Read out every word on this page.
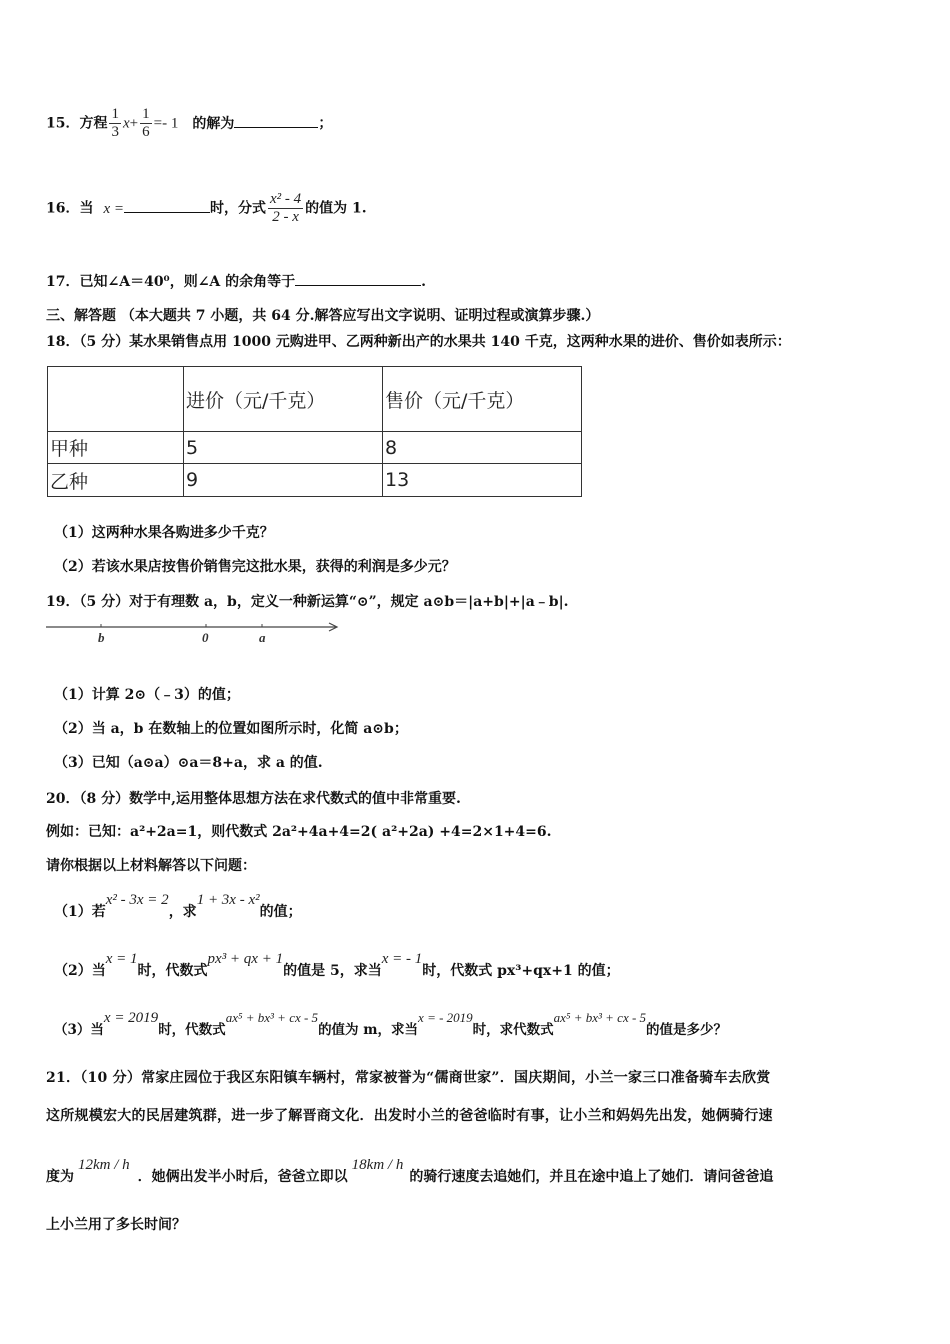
15．方程 $\frac{1}{3} x+ \frac{1}{6} =- 1$ 的解为	；
16．当 x =	时，分式 $\frac{\text{x² - 4}}{2 - x}$ 的值为 1.
17．已知∠A＝40⁰，则∠A 的余角等于	.
三、解答题 （本大题共 7 小题，共 64 分.解答应写出文字说明、证明过程或演算步骤.）
18．（5 分）某水果销售点用 1000 元购进甲、乙两种新出产的水果共 140 千克，这两种水果的进价、售价如表所示：
	进价（元/千克）	售价（元/千克）
甲种	5	8
乙种	9	13
（1）这两种水果各购进多少千克？
（2）若该水果店按售价销售完这批水果，获得的利润是多少元？
19．（5 分）对于有理数 a，b，定义一种新运算“⊙”，规定 a⊙b＝|a+b|+|a﹣b|.
b	0	a
（1）计算 2⊙（﹣3）的值；
（2）当 a，b 在数轴上的位置如图所示时，化简 a⊙b；
（3）已知（a⊙a）⊙a＝8+a，求 a 的值.
20．（8 分）数学中,运用整体思想方法在求代数式的值中非常重要.
例如：已知：a²+2a=1，则代数式 2a²+4a+4=2( a²+2a) +4=2×1+4=6.
请你根据以上材料解答以下问题：
（1）若x² - 3x = 2，求1 + 3x - x²的值；
（2）当x = 1时，代数式px³ + qx + 1的值是 5，求当x = - 1时，代数式 px³+qx+1 的值；
（3）当x = 2019时，代数式ax⁵ + bx³ + cx - 5的值为 m，求当x = - 2019时，求代数式ax⁵ + bx³ + cx - 5的值是多少？
21．（10 分）常家庄园位于我区东阳镇车辆村，常家被誉为“儒商世家”．国庆期间，小兰一家三口准备骑车去欣赏
这所规模宏大的民居建筑群，进一步了解晋商文化．出发时小兰的爸爸临时有事，让小兰和妈妈先出发，她俩骑行速
度为12km / h．她俩出发半小时后，爸爸立即以18km / h的骑行速度去追她们，并且在途中追上了她们．请问爸爸追
上小兰用了多长时间？
